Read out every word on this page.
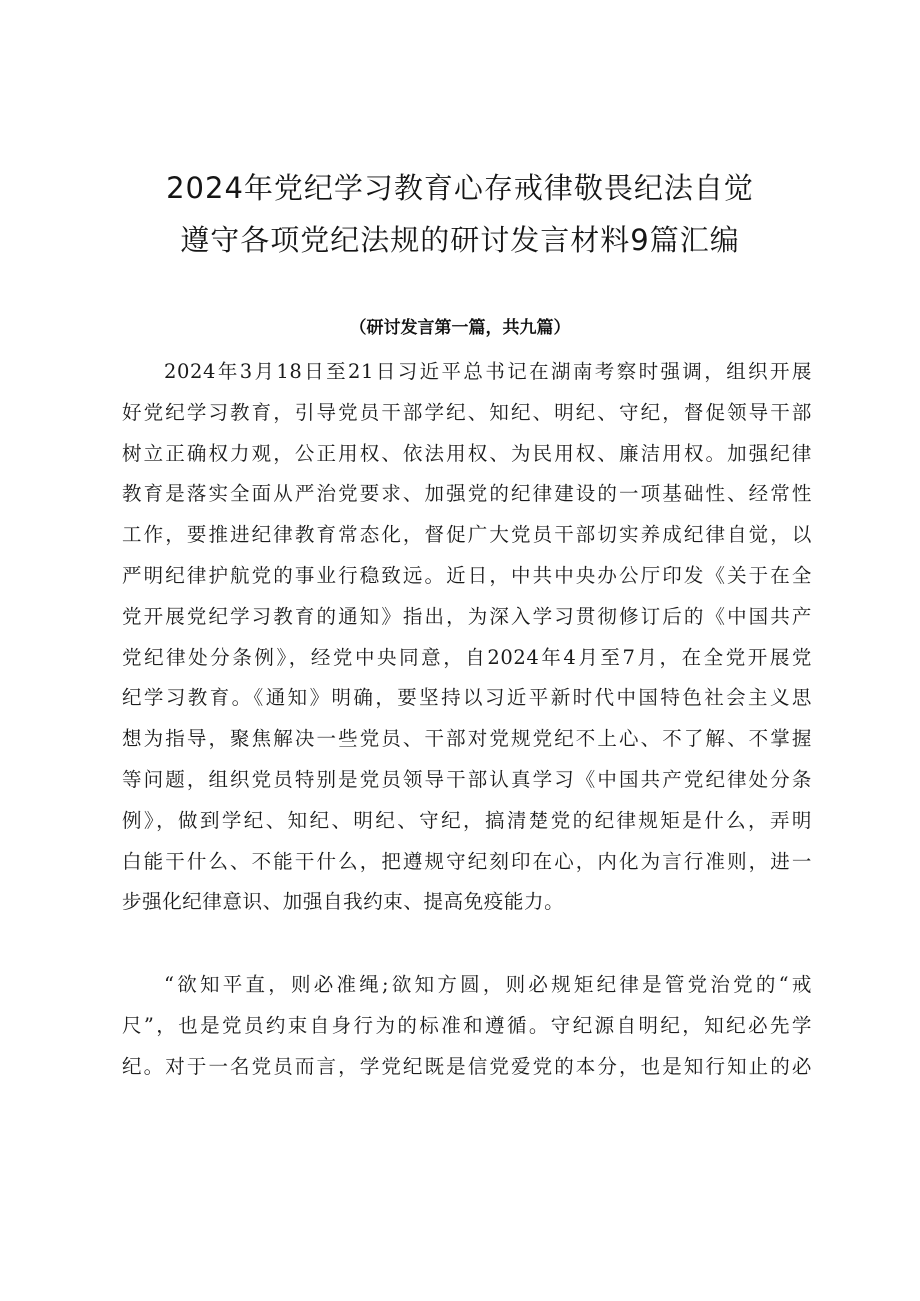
2024年党纪学习教育心存戒律敬畏纪法自觉
遵守各项党纪法规的研讨发言材料9篇汇编

（研讨发言第一篇，共九篇）

2024年3月18日至21日习近平总书记在湖南考察时强调，组织开展
好党纪学习教育，引导党员干部学纪、知纪、明纪、守纪，督促领导干部
树立正确权力观，公正用权、依法用权、为民用权、廉洁用权。加强纪律
教育是落实全面从严治党要求、加强党的纪律建设的一项基础性、经常性
工作，要推进纪律教育常态化，督促广大党员干部切实养成纪律自觉，以
严明纪律护航党的事业行稳致远。近日，中共中央办公厅印发《关于在全
党开展党纪学习教育的通知》指出，为深入学习贯彻修订后的《中国共产
党纪律处分条例》，经党中央同意，自2024年4月至7月，在全党开展党
纪学习教育。《通知》明确，要坚持以习近平新时代中国特色社会主义思
想为指导，聚焦解决一些党员、干部对党规党纪不上心、不了解、不掌握
等问题，组织党员特别是党员领导干部认真学习《中国共产党纪律处分条
例》，做到学纪、知纪、明纪、守纪，搞清楚党的纪律规矩是什么，弄明
白能干什么、不能干什么，把遵规守纪刻印在心，内化为言行准则，进一
步强化纪律意识、加强自我约束、提高免疫能力。
“欲知平直，则必准绳;欲知方圆，则必规矩纪律是管党治党的“戒
尺”，也是党员约束自身行为的标准和遵循。守纪源自明纪，知纪必先学
纪。对于一名党员而言，学党纪既是信党爱党的本分，也是知行知止的必
